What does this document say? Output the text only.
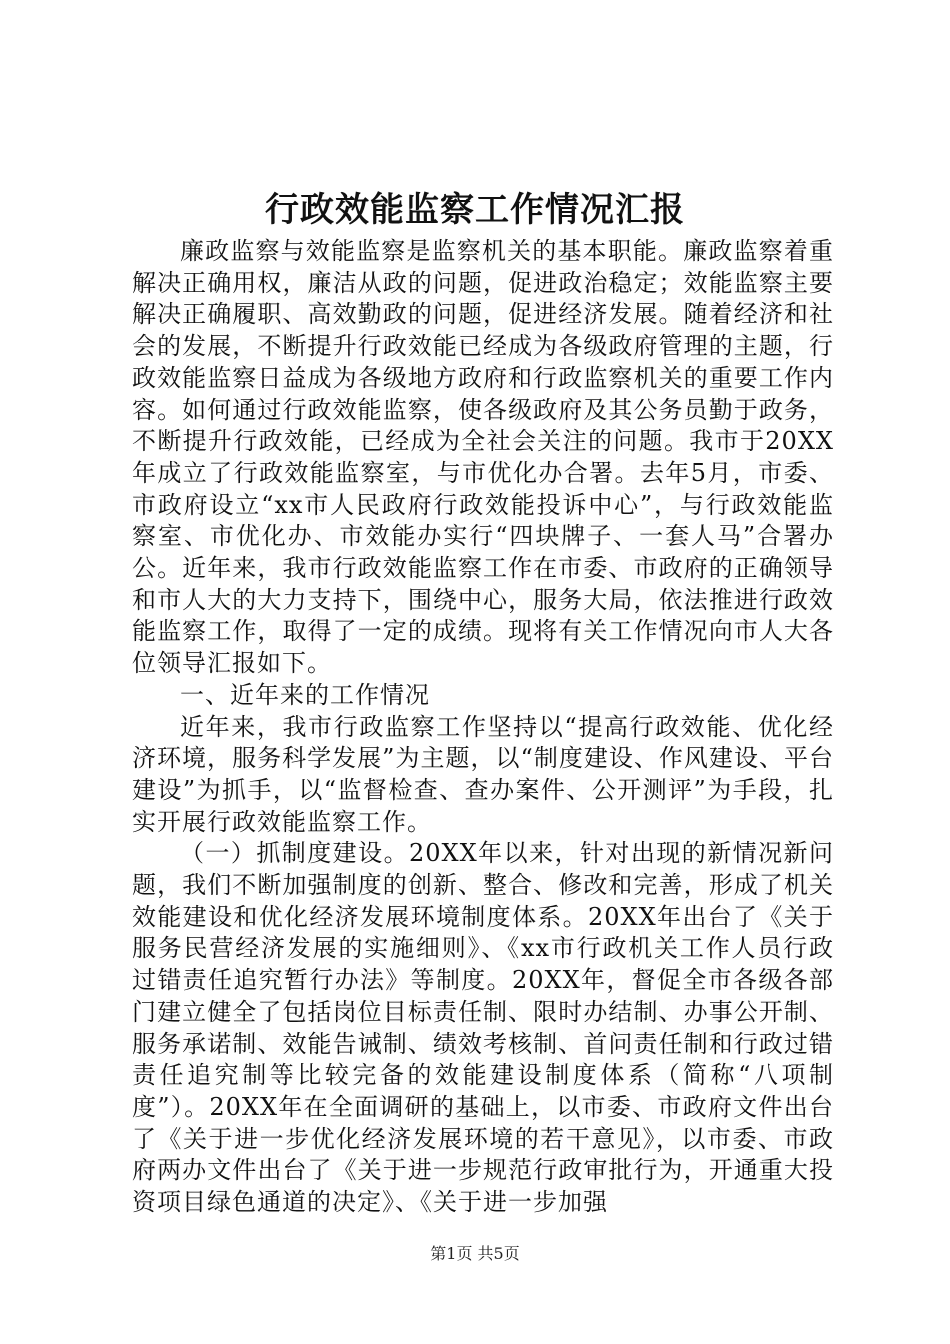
行政效能监察工作情况汇报

廉政监察与效能监察是监察机关的基本职能。廉政监察着重解决正确用权，廉洁从政的问题，促进政治稳定；效能监察主要解决正确履职、高效勤政的问题，促进经济发展。随着经济和社会的发展，不断提升行政效能已经成为各级政府管理的主题，行政效能监察日益成为各级地方政府和行政监察机关的重要工作内容。如何通过行政效能监察，使各级政府及其公务员勤于政务，不断提升行政效能，已经成为全社会关注的问题。我市于20XX年成立了行政效能监察室，与市优化办合署。去年5月，市委、市政府设立“xx市人民政府行政效能投诉中心”，与行政效能监察室、市优化办、市效能办实行“四块牌子、一套人马”合署办公。近年来，我市行政效能监察工作在市委、市政府的正确领导和市人大的大力支持下，围绕中心，服务大局，依法推进行政效能监察工作，取得了一定的成绩。现将有关工作情况向市人大各位领导汇报如下。

一、近年来的工作情况

近年来，我市行政监察工作坚持以“提高行政效能、优化经济环境，服务科学发展”为主题，以“制度建设、作风建设、平台建设”为抓手，以“监督检查、查办案件、公开测评”为手段，扎实开展行政效能监察工作。

（一）抓制度建设。20XX年以来，针对出现的新情况新问题，我们不断加强制度的创新、整合、修改和完善，形成了机关效能建设和优化经济发展环境制度体系。20XX年出台了《关于服务民营经济发展的实施细则》、《xx市行政机关工作人员行政过错责任追究暂行办法》等制度。20XX年，督促全市各级各部门建立健全了包括岗位目标责任制、限时办结制、办事公开制、服务承诺制、效能告诫制、绩效考核制、首问责任制和行政过错责任追究制等比较完备的效能建设制度体系（简称“八项制度”）。20XX年在全面调研的基础上，以市委、市政府文件出台了《关于进一步优化经济发展环境的若干意见》，以市委、市政府两办文件出台了《关于进一步规范行政审批行为，开通重大投资项目绿色通道的决定》、《关于进一步加强

第1页 共5页
